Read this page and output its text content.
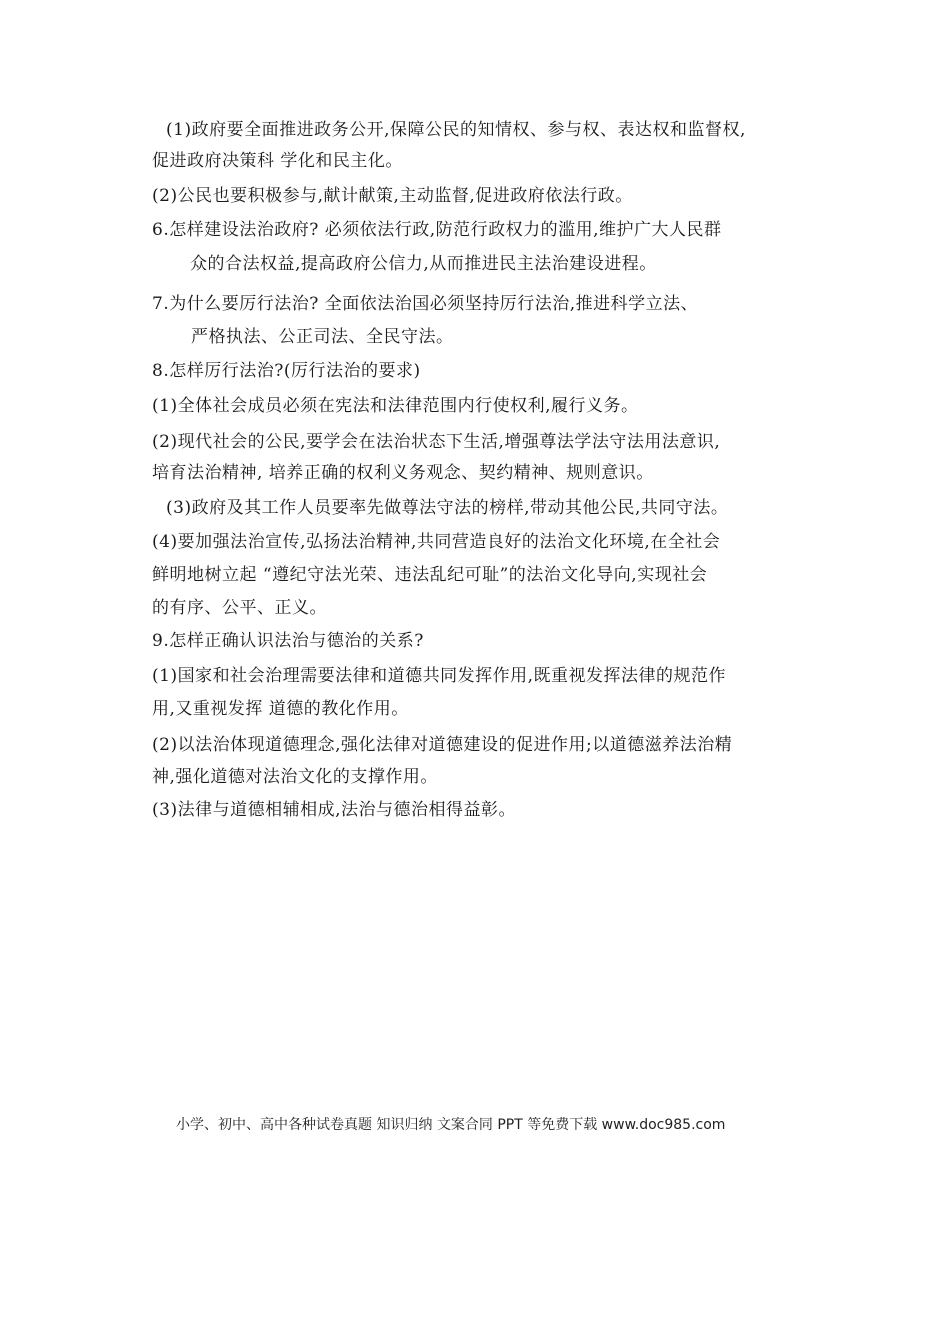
(1)政府要全面推进政务公开,保障公民的知情权、参与权、表达权和监督权,
促进政府决策科 学化和民主化。
(2)公民也要积极参与,献计献策,主动监督,促进政府依法行政。
6.怎样建设法治政府? 必须依法行政,防范行政权力的滥用,维护广大人民群
众的合法权益,提高政府公信力,从而推进民主法治建设进程。
7.为什么要厉行法治? 全面依法治国必须坚持厉行法治,推进科学立法、
严格执法、公正司法、全民守法。
8.怎样厉行法治?(厉行法治的要求)
(1)全体社会成员必须在宪法和法律范围内行使权利,履行义务。
(2)现代社会的公民,要学会在法治状态下生活,增强尊法学法守法用法意识,
培育法治精神, 培养正确的权利义务观念、契约精神、规则意识。
(3)政府及其工作人员要率先做尊法守法的榜样,带动其他公民,共同守法。
(4)要加强法治宣传,弘扬法治精神,共同营造良好的法治文化环境,在全社会
鲜明地树立起 “遵纪守法光荣、违法乱纪可耻”的法治文化导向,实现社会
的有序、公平、正义。
9.怎样正确认识法治与德治的关系?
(1)国家和社会治理需要法律和道德共同发挥作用,既重视发挥法律的规范作
用,又重视发挥 道德的教化作用。
(2)以法治体现道德理念,强化法律对道德建设的促进作用;以道德滋养法治精
神,强化道德对法治文化的支撑作用。
(3)法律与道德相辅相成,法治与德治相得益彰。
小学、初中、高中各种试卷真题 知识归纳 文案合同 PPT 等免费下载 www.doc985.com
